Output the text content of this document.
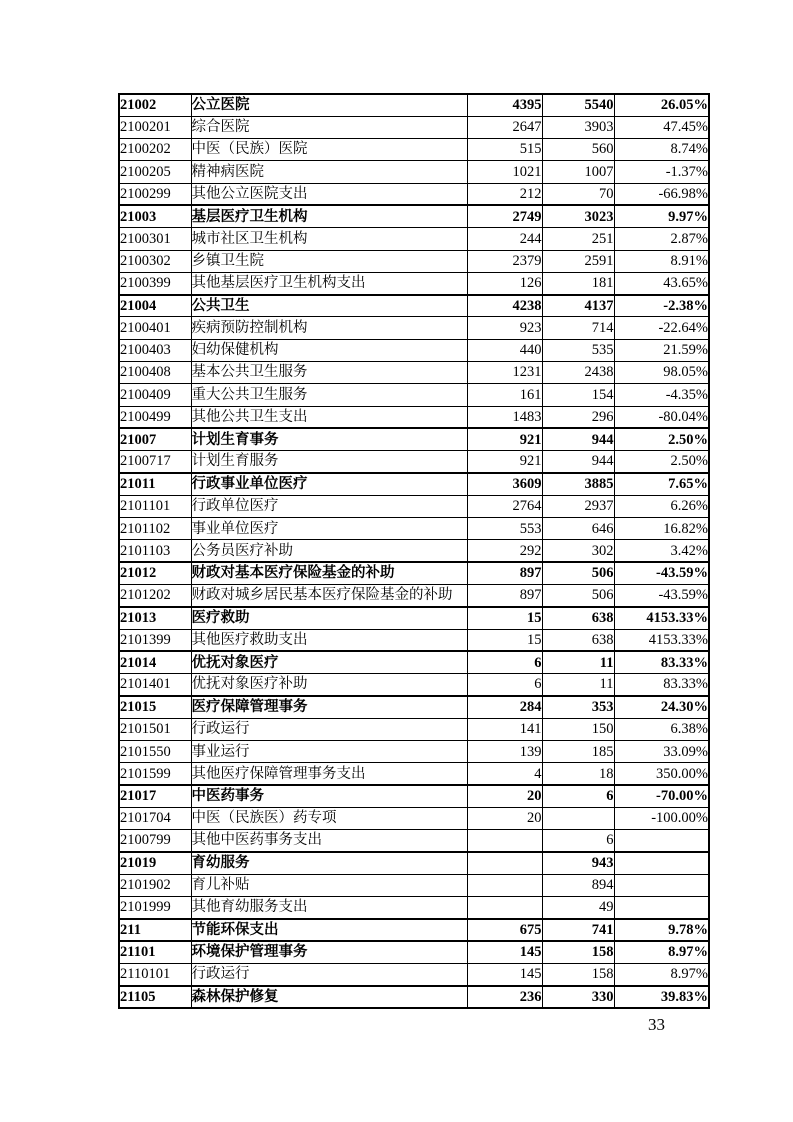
21002	公立医院	4395	5540	26.05%
2100201	综合医院	2647	3903	47.45%
2100202	中医（民族）医院	515	560	8.74%
2100205	精神病医院	1021	1007	-1.37%
2100299	其他公立医院支出	212	70	-66.98%
21003	基层医疗卫生机构	2749	3023	9.97%
2100301	城市社区卫生机构	244	251	2.87%
2100302	乡镇卫生院	2379	2591	8.91%
2100399	其他基层医疗卫生机构支出	126	181	43.65%
21004	公共卫生	4238	4137	-2.38%
2100401	疾病预防控制机构	923	714	-22.64%
2100403	妇幼保健机构	440	535	21.59%
2100408	基本公共卫生服务	1231	2438	98.05%
2100409	重大公共卫生服务	161	154	-4.35%
2100499	其他公共卫生支出	1483	296	-80.04%
21007	计划生育事务	921	944	2.50%
2100717	计划生育服务	921	944	2.50%
21011	行政事业单位医疗	3609	3885	7.65%
2101101	行政单位医疗	2764	2937	6.26%
2101102	事业单位医疗	553	646	16.82%
2101103	公务员医疗补助	292	302	3.42%
21012	财政对基本医疗保险基金的补助	897	506	-43.59%
2101202	财政对城乡居民基本医疗保险基金的补助	897	506	-43.59%
21013	医疗救助	15	638	4153.33%
2101399	其他医疗救助支出	15	638	4153.33%
21014	优抚对象医疗	6	11	83.33%
2101401	优抚对象医疗补助	6	11	83.33%
21015	医疗保障管理事务	284	353	24.30%
2101501	行政运行	141	150	6.38%
2101550	事业运行	139	185	33.09%
2101599	其他医疗保障管理事务支出	4	18	350.00%
21017	中医药事务	20	6	-70.00%
2101704	中医（民族医）药专项	20		-100.00%
2100799	其他中医药事务支出		6	
21019	育幼服务		943	
2101902	育儿补贴		894	
2101999	其他育幼服务支出		49	
211	节能环保支出	675	741	9.78%
21101	环境保护管理事务	145	158	8.97%
2110101	行政运行	145	158	8.97%
21105	森林保护修复	236	330	39.83%
33
